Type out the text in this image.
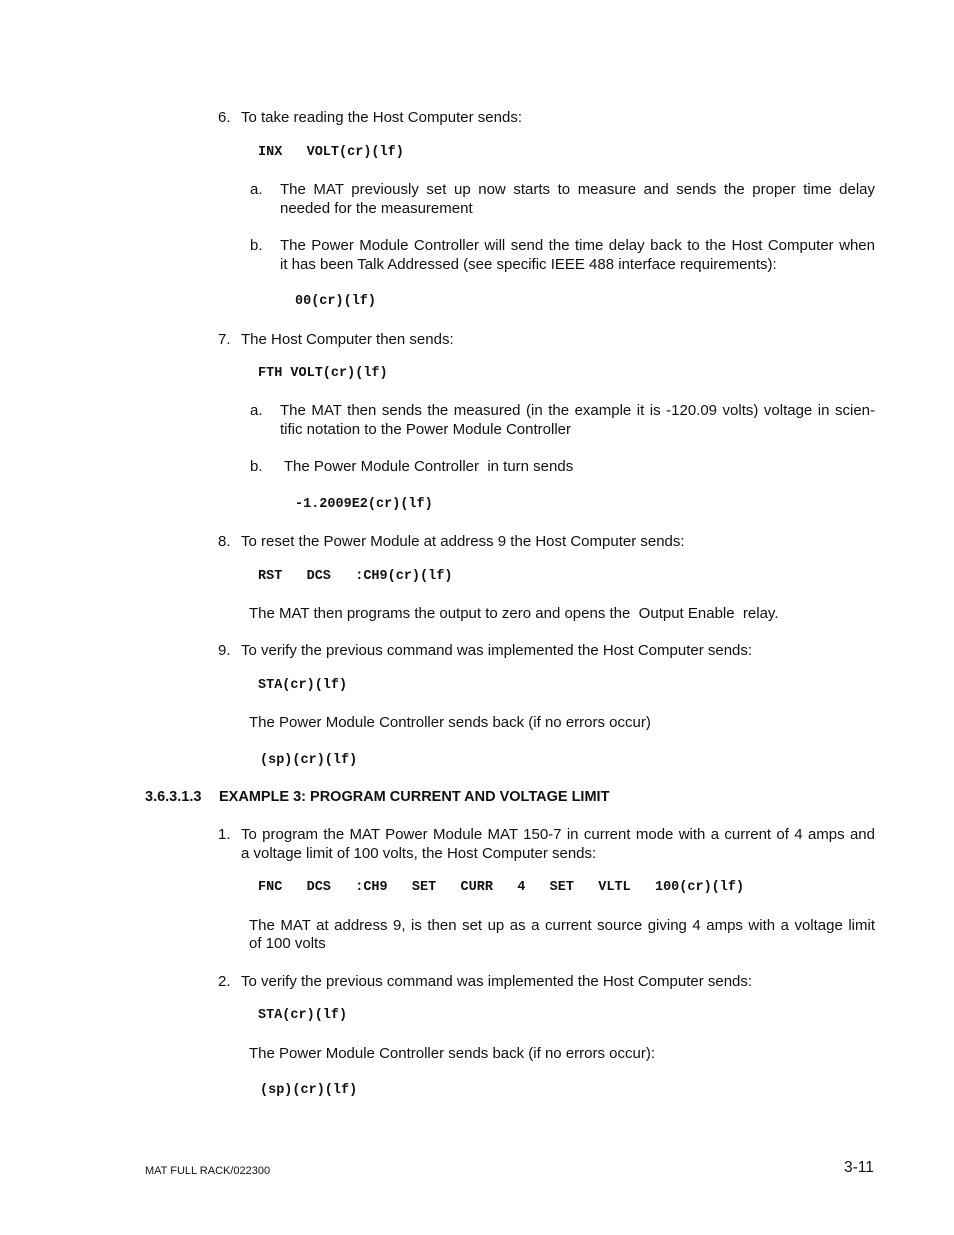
6. To take reading the Host Computer sends:
INX   VOLT(cr)(lf)
a. The MAT previously set up now starts to measure and sends the proper time delay
needed for the measurement
b. The Power Module Controller will send the time delay back to the Host Computer when
it has been Talk Addressed (see specific IEEE 488 interface requirements):
00(cr)(lf)
7. The Host Computer then sends:
FTH VOLT(cr)(lf)
a. The MAT then sends the measured (in the example it is -120.09 volts) voltage in scien-
tific notation to the Power Module Controller
b. The Power Module Controller  in turn sends
-1.2009E2(cr)(lf)
8. To reset the Power Module at address 9 the Host Computer sends:
RST   DCS   :CH9(cr)(lf)
The MAT then programs the output to zero and opens the  Output Enable  relay.
9. To verify the previous command was implemented the Host Computer sends:
STA(cr)(lf)
The Power Module Controller sends back (if no errors occur)
(sp)(cr)(lf)
3.6.3.1.3 EXAMPLE 3: PROGRAM CURRENT AND VOLTAGE LIMIT
1. To program the MAT Power Module MAT 150-7 in current mode with a current of 4 amps and
a voltage limit of 100 volts, the Host Computer sends:
FNC   DCS   :CH9   SET   CURR   4   SET   VLTL   100(cr)(lf)
The MAT at address 9, is then set up as a current source giving 4 amps with a voltage limit
of 100 volts
2. To verify the previous command was implemented the Host Computer sends:
STA(cr)(lf)
The Power Module Controller sends back (if no errors occur):
(sp)(cr)(lf)
MAT FULL RACK/022300	3-11
